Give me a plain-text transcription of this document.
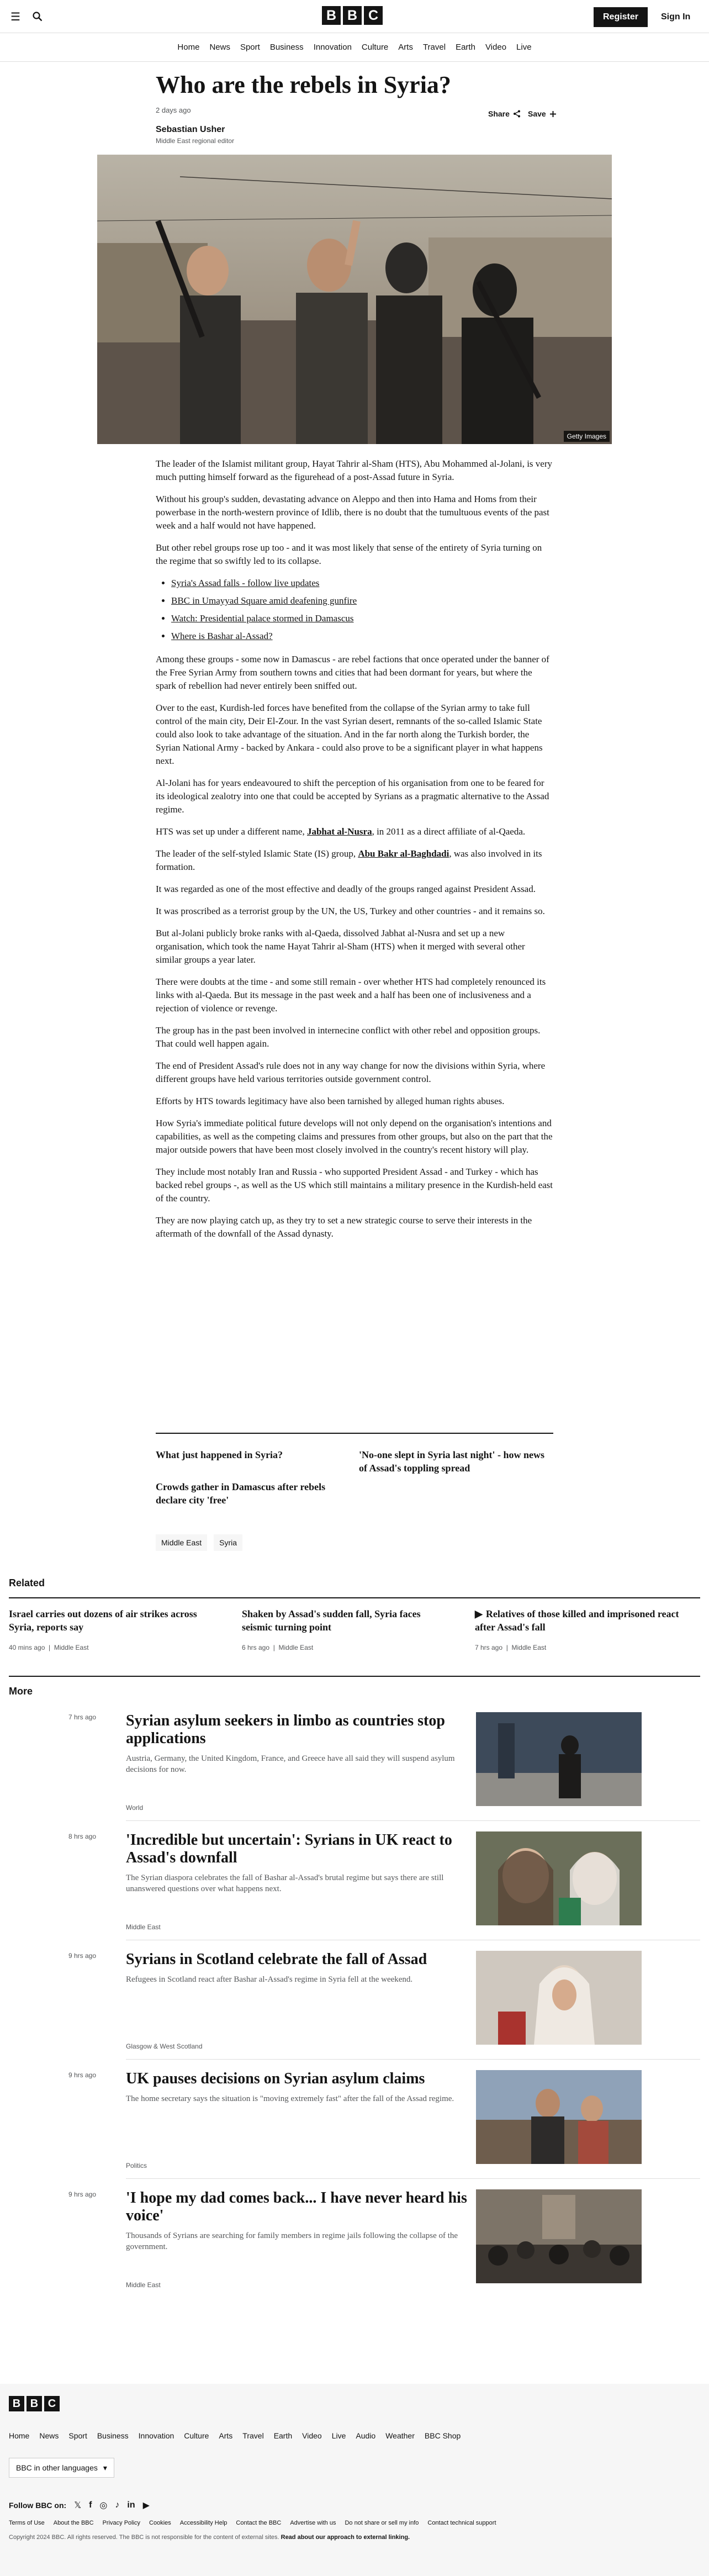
☰	B B C	Register	Sign In
Home	News	Sport	Business	Innovation	Culture	Arts	Travel	Earth	Video	Live
Who are the rebels in Syria?
2 days ago
Sebastian Usher
Middle East regional editor
Share Save
Getty Images

The leader of the Islamist militant group, Hayat Tahrir al-Sham (HTS), Abu Mohammed al-Jolani, is very much putting himself forward as the figurehead of a post-Assad future in Syria.

Without his group's sudden, devastating advance on Aleppo and then into Hama and Homs from their powerbase in the north-western province of Idlib, there is no doubt that the tumultuous events of the past week and a half would not have happened.

But other rebel groups rose up too - and it was most likely that sense of the entirety of Syria turning on the regime that so swiftly led to its collapse.

• Syria's Assad falls - follow live updates
• BBC in Umayyad Square amid deafening gunfire
• Watch: Presidential palace stormed in Damascus
• Where is Bashar al-Assad?

Among these groups - some now in Damascus - are rebel factions that once operated under the banner of the Free Syrian Army from southern towns and cities that had been dormant for years, but where the spark of rebellion had never entirely been sniffed out.

Over to the east, Kurdish-led forces have benefited from the collapse of the Syrian army to take full control of the main city, Deir El-Zour. In the vast Syrian desert, remnants of the so-called Islamic State could also look to take advantage of the situation. And in the far north along the Turkish border, the Syrian National Army - backed by Ankara - could also prove to be a significant player in what happens next.

Al-Jolani has for years endeavoured to shift the perception of his organisation from one to be feared for its ideological zealotry into one that could be accepted by Syrians as a pragmatic alternative to the Assad regime.

HTS was set up under a different name, Jabhat al-Nusra, in 2011 as a direct affiliate of al-Qaeda.

The leader of the self-styled Islamic State (IS) group, Abu Bakr al-Baghdadi, was also involved in its formation.

It was regarded as one of the most effective and deadly of the groups ranged against President Assad.

It was proscribed as a terrorist group by the UN, the US, Turkey and other countries - and it remains so.

But al-Jolani publicly broke ranks with al-Qaeda, dissolved Jabhat al-Nusra and set up a new organisation, which took the name Hayat Tahrir al-Sham (HTS) when it merged with several other similar groups a year later.

There were doubts at the time - and some still remain - over whether HTS had completely renounced its links with al-Qaeda. But its message in the past week and a half has been one of inclusiveness and a rejection of violence or revenge.

The group has in the past been involved in internecine conflict with other rebel and opposition groups. That could well happen again.

The end of President Assad's rule does not in any way change for now the divisions within Syria, where different groups have held various territories outside government control.

Efforts by HTS towards legitimacy have also been tarnished by alleged human rights abuses.

How Syria's immediate political future develops will not only depend on the organisation's intentions and capabilities, as well as the competing claims and pressures from other groups, but also on the part that the major outside powers that have been most closely involved in the country's recent history will play.

They include most notably Iran and Russia - who supported President Assad - and Turkey - which has backed rebel groups -, as well as the US which still maintains a military presence in the Kurdish-held east of the country.

They are now playing catch up, as they try to set a new strategic course to serve their interests in the aftermath of the downfall of the Assad dynasty.

What just happened in Syria?	'No-one slept in Syria last night' - how news of Assad's toppling spread
Crowds gather in Damascus after rebels declare city 'free'
Middle East	Syria
Related
Israel carries out dozens of air strikes across Syria, reports say
40 mins ago  |  Middle East
Shaken by Assad's sudden fall, Syria faces seismic turning point
6 hrs ago  |  Middle East
▶ Relatives of those killed and imprisoned react after Assad's fall
7 hrs ago  |  Middle East
More
7 hrs ago Syrian asylum seekers in limbo as countries stop applications
Austria, Germany, the United Kingdom, France, and Greece have all said they will suspend asylum decisions for now.
World
8 hrs ago 'Incredible but uncertain': Syrians in UK react to Assad's downfall
The Syrian diaspora celebrates the fall of Bashar al-Assad's brutal regime but says there are still unanswered questions over what happens next.
Middle East
9 hrs ago Syrians in Scotland celebrate the fall of Assad
Refugees in Scotland react after Bashar al-Assad's regime in Syria fell at the weekend.
Glasgow & West Scotland
9 hrs ago UK pauses decisions on Syrian asylum claims
The home secretary says the situation is "moving extremely fast" after the fall of the Assad regime.
Politics
9 hrs ago 'I hope my dad comes back... I have never heard his voice'
Thousands of Syrians are searching for family members in regime jails following the collapse of the government.
Middle East
B B C
Home News Sport Business Innovation Culture Arts Travel Earth Video Live Audio Weather BBC Shop
BBC in other languages ▾
Follow BBC on: 𝕏 f ◎ ♪ in ▶
Terms of Use About the BBC Privacy Policy Cookies Accessibility Help Contact the BBC Advertise with us Do not share or sell my info Contact technical support
Copyright 2024 BBC. All rights reserved. The BBC is not responsible for the content of external sites. Read about our approach to external linking.
